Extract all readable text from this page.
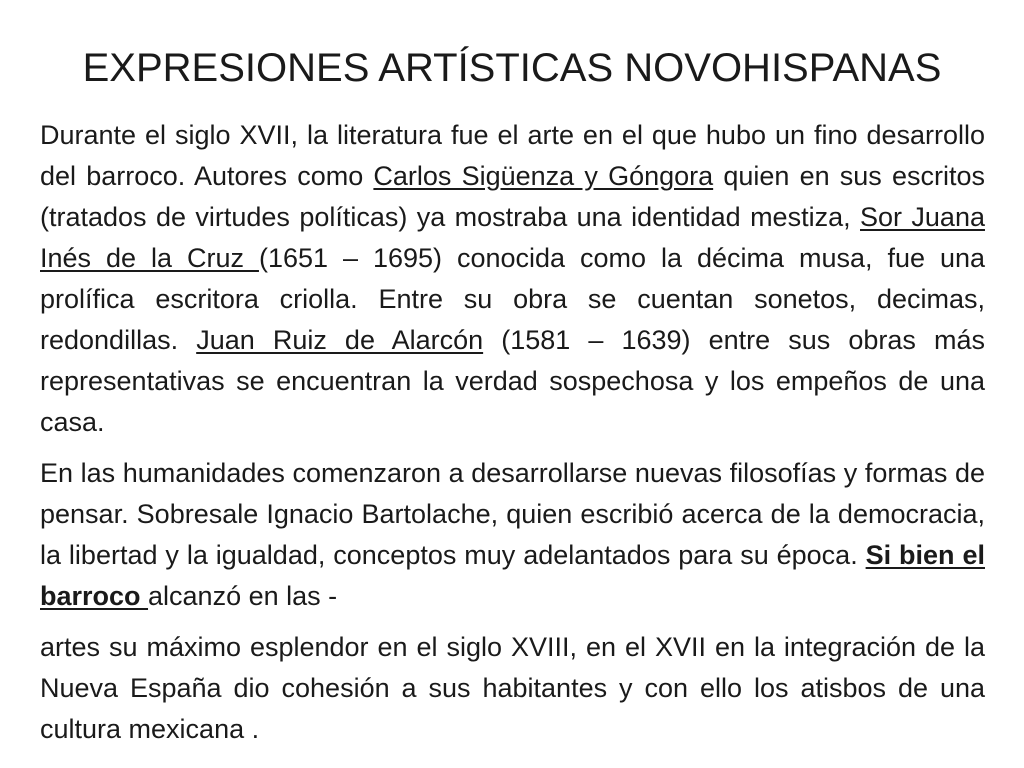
EXPRESIONES ARTÍSTICAS NOVOHISPANAS

Durante el siglo XVII, la literatura fue el arte en el que hubo un fino desarrollo del barroco. Autores como Carlos Sigüenza y Góngora quien en sus escritos (tratados de virtudes políticas) ya mostraba una identidad mestiza, Sor Juana Inés de la Cruz (1651 – 1695) conocida como la décima musa, fue una prolífica escritora criolla. Entre su obra se cuentan sonetos, decimas, redondillas. Juan Ruiz de Alarcón (1581 – 1639) entre sus obras más representativas se encuentran la verdad sospechosa y los empeños de una casa.

En las humanidades comenzaron a desarrollarse nuevas filosofías y formas de pensar. Sobresale Ignacio Bartolache, quien escribió acerca de la democracia, la libertad y la igualdad, conceptos muy adelantados para su época. Si bien el barroco alcanzó en las -

artes su máximo esplendor en el siglo XVIII, en el XVII en la integración de la Nueva España dio cohesión a sus habitantes y con ello los atisbos de una cultura mexicana .
